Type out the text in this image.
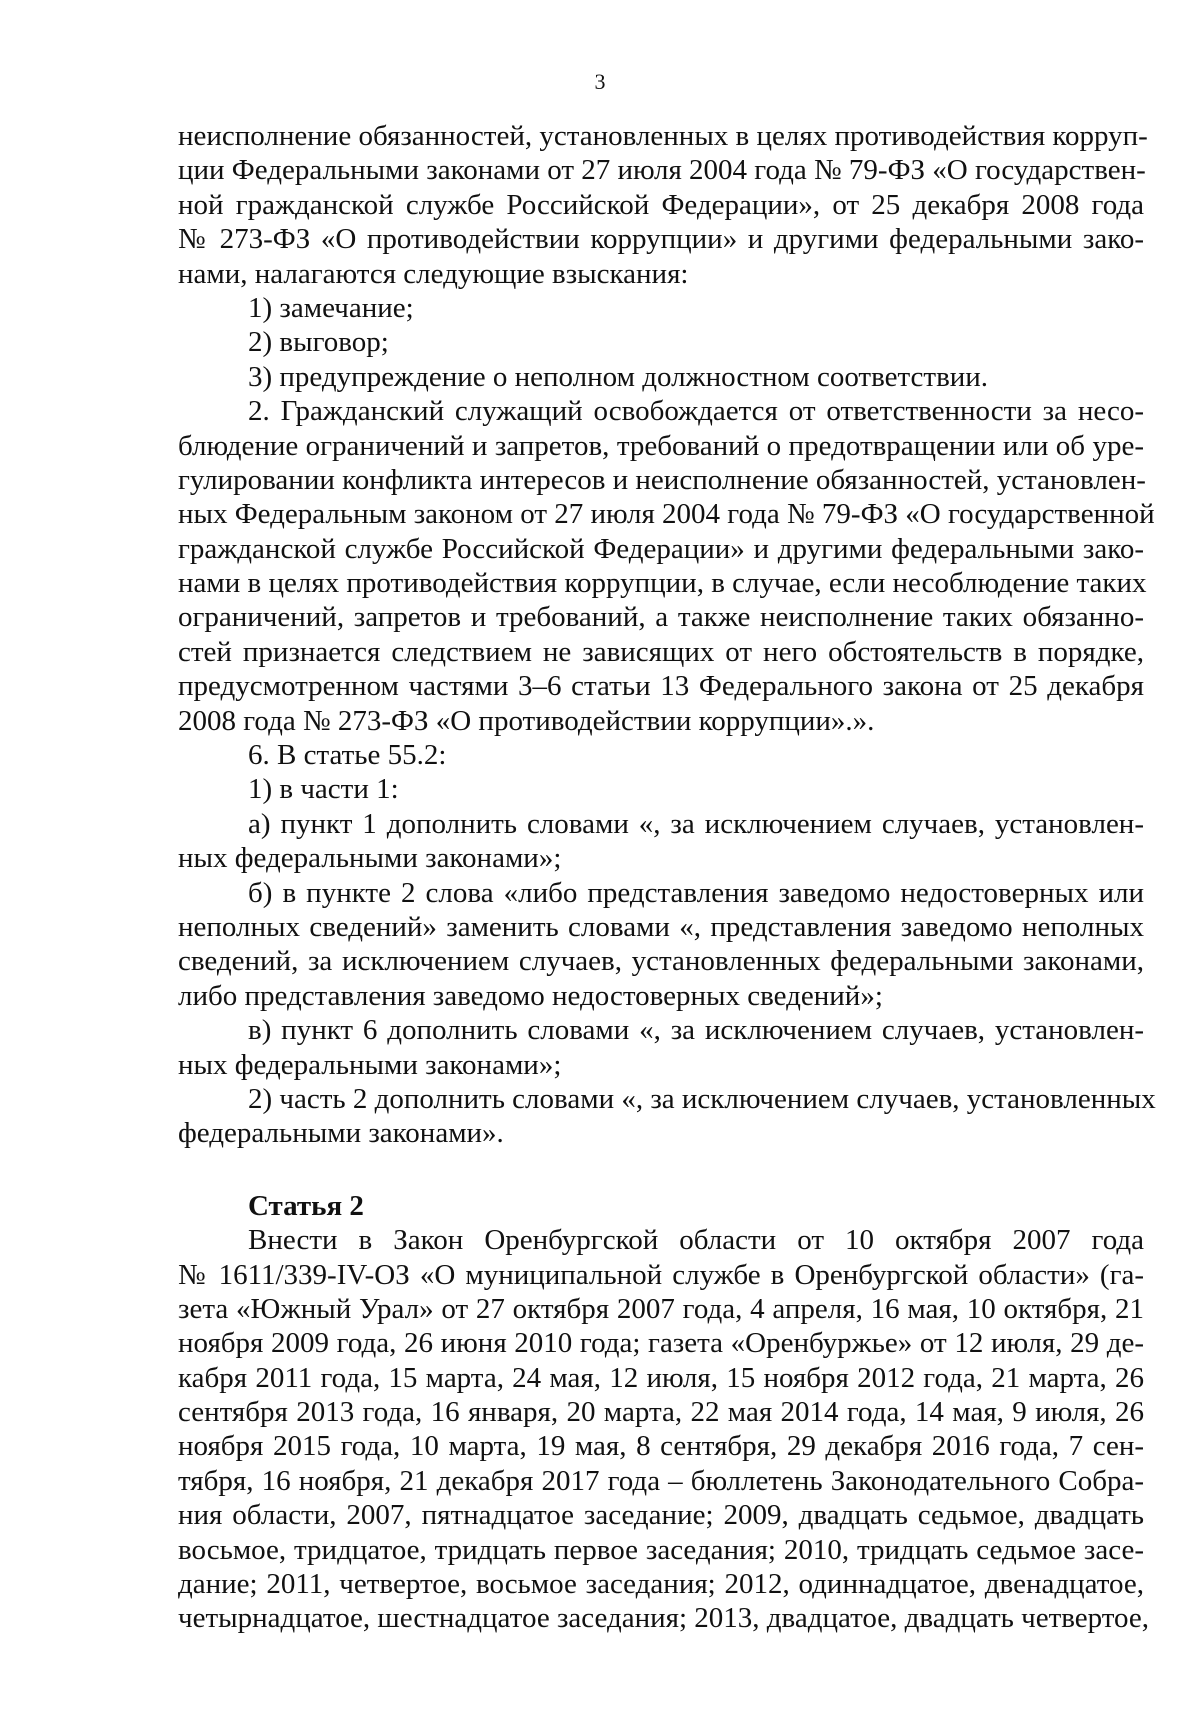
3
неисполнение обязанностей, установленных в целях противодействия корруп-
ции Федеральными законами от 27 июля 2004 года № 79-ФЗ «О государствен-
ной гражданской службе Российской Федерации», от 25 декабря 2008 года
№ 273-ФЗ «О противодействии коррупции» и другими федеральными зако-
нами, налагаются следующие взыскания:
1) замечание;
2) выговор;
3) предупреждение о неполном должностном соответствии.
2. Гражданский служащий освобождается от ответственности за несо-
блюдение ограничений и запретов, требований о предотвращении или об уре-
гулировании конфликта интересов и неисполнение обязанностей, установлен-
ных Федеральным законом от 27 июля 2004 года № 79-ФЗ «О государственной
гражданской службе Российской Федерации» и другими федеральными зако-
нами в целях противодействия коррупции, в случае, если несоблюдение таких
ограничений, запретов и требований, а также неисполнение таких обязанно-
стей признается следствием не зависящих от него обстоятельств в порядке,
предусмотренном частями 3–6 статьи 13 Федерального закона от 25 декабря
2008 года № 273-ФЗ «О противодействии коррупции».».
6. В статье 55.2:
1) в части 1:
а) пункт 1 дополнить словами «, за исключением случаев, установлен-
ных федеральными законами»;
б) в пункте 2 слова «либо представления заведомо недостоверных или
неполных сведений» заменить словами «, представления заведомо неполных
сведений, за исключением случаев, установленных федеральными законами,
либо представления заведомо недостоверных сведений»;
в) пункт 6 дополнить словами «, за исключением случаев, установлен-
ных федеральными законами»;
2) часть 2 дополнить словами «, за исключением случаев, установленных
федеральными законами».
Статья 2
Внести в Закон Оренбургской области от 10 октября 2007 года
№ 1611/339-IV-ОЗ «О муниципальной службе в Оренбургской области» (га-
зета «Южный Урал» от 27 октября 2007 года, 4 апреля, 16 мая, 10 октября, 21
ноября 2009 года, 26 июня 2010 года; газета «Оренбуржье» от 12 июля, 29 де-
кабря 2011 года, 15 марта, 24 мая, 12 июля, 15 ноября 2012 года, 21 марта, 26
сентября 2013 года, 16 января, 20 марта, 22 мая 2014 года, 14 мая, 9 июля, 26
ноября 2015 года, 10 марта, 19 мая, 8 сентября, 29 декабря 2016 года, 7 сен-
тября, 16 ноября, 21 декабря 2017 года – бюллетень Законодательного Собра-
ния области, 2007, пятнадцатое заседание; 2009, двадцать седьмое, двадцать
восьмое, тридцатое, тридцать первое заседания; 2010, тридцать седьмое засе-
дание; 2011, четвертое, восьмое заседания; 2012, одиннадцатое, двенадцатое,
четырнадцатое, шестнадцатое заседания; 2013, двадцатое, двадцать четвертое,
